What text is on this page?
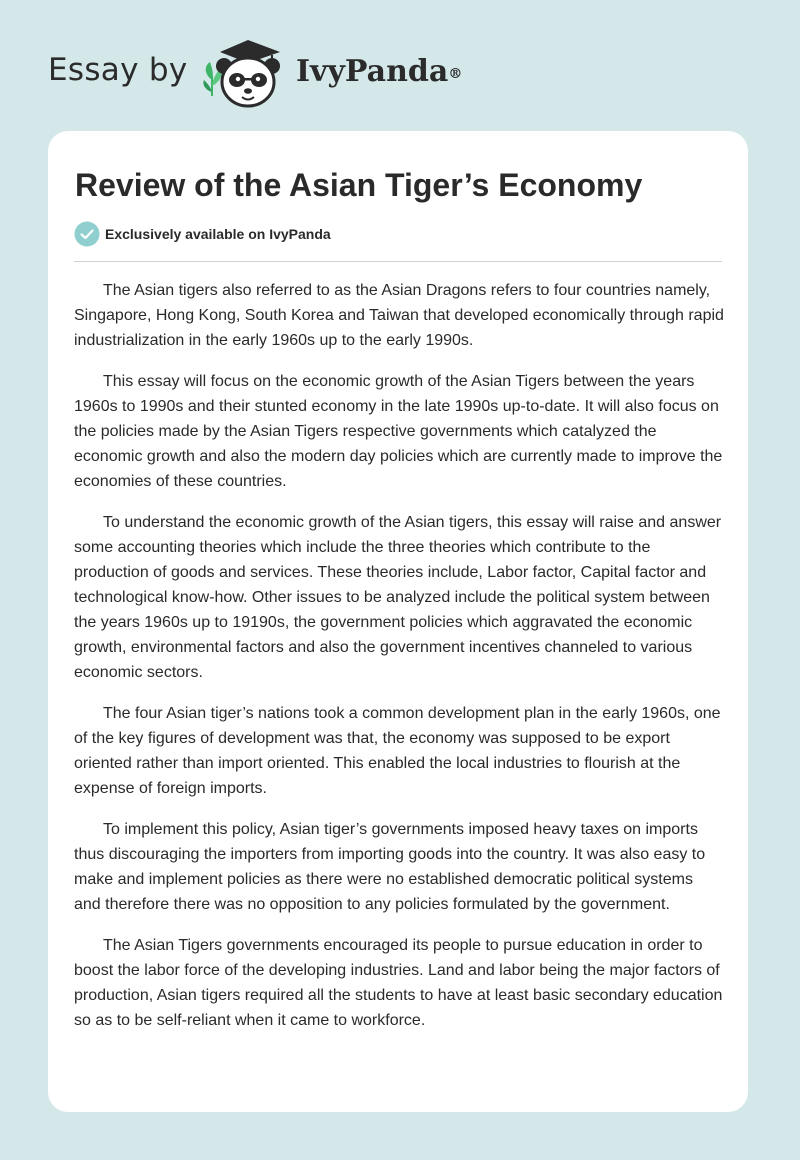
Essay by	IvyPanda®
Review of the Asian Tiger’s Economy
Exclusively available on IvyPanda

The Asian tigers also referred to as the Asian Dragons refers to four countries namely, Singapore, Hong Kong, South Korea and Taiwan that developed economically through rapid industrialization in the early 1960s up to the early 1990s.

This essay will focus on the economic growth of the Asian Tigers between the years 1960s to 1990s and their stunted economy in the late 1990s up-to-date. It will also focus on the policies made by the Asian Tigers respective governments which catalyzed the economic growth and also the modern day policies which are currently made to improve the economies of these countries.

To understand the economic growth of the Asian tigers, this essay will raise and answer some accounting theories which include the three theories which contribute to the production of goods and services. These theories include, Labor factor, Capital factor and technological know-how. Other issues to be analyzed include the political system between the years 1960s up to 19190s, the government policies which aggravated the economic growth, environmental factors and also the government incentives channeled to various economic sectors.

The four Asian tiger’s nations took a common development plan in the early 1960s, one of the key figures of development was that, the economy was supposed to be export oriented rather than import oriented. This enabled the local industries to flourish at the expense of foreign imports.

To implement this policy, Asian tiger’s governments imposed heavy taxes on imports thus discouraging the importers from importing goods into the country. It was also easy to make and implement policies as there were no established democratic political systems and therefore there was no opposition to any policies formulated by the government.

The Asian Tigers governments encouraged its people to pursue education in order to boost the labor force of the developing industries. Land and labor being the major factors of production, Asian tigers required all the students to have at least basic secondary education so as to be self-reliant when it came to workforce.
